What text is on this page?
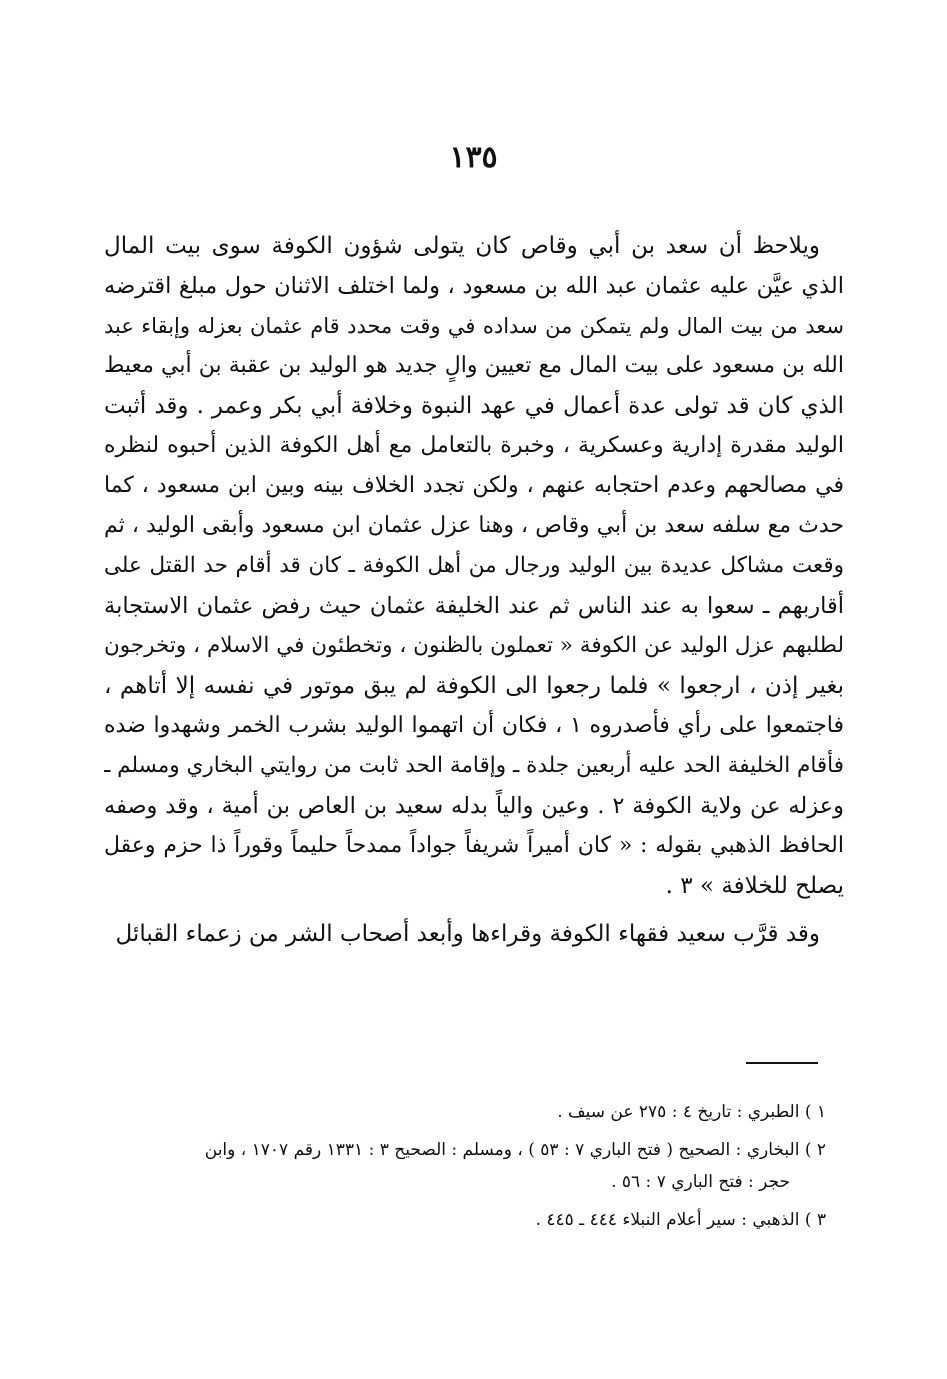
١٣٥
ويلاحظ أن سعد بن أبي وقاص كان يتولى شؤون الكوفة سوى بيت المال
الذي عيَّن عليه عثمان عبد الله بن مسعود ، ولما اختلف الاثنان حول مبلغ اقترضه
سعد من بيت المال ولم يتمكن من سداده في وقت محدد قام عثمان بعزله وإبقاء عبد
الله بن مسعود على بيت المال مع تعيين والٍ جديد هو الوليد بن عقبة بن أبي معيط
الذي كان قد تولى عدة أعمال في عهد النبوة وخلافة أبي بكر وعمر . وقد أثبت
الوليد مقدرة إدارية وعسكرية ، وخبرة بالتعامل مع أهل الكوفة الذين أحبوه لنظره
في مصالحهم وعدم احتجابه عنهم ، ولكن تجدد الخلاف بينه وبين ابن مسعود ، كما
حدث مع سلفه سعد بن أبي وقاص ، وهنا عزل عثمان ابن مسعود وأبقى الوليد ، ثم
وقعت مشاكل عديدة بين الوليد ورجال من أهل الكوفة ـ كان قد أقام حد القتل على
أقاربهم ـ سعوا به عند الناس ثم عند الخليفة عثمان حيث رفض عثمان الاستجابة
لطلبهم عزل الوليد عن الكوفة « تعملون بالظنون ، وتخطئون في الاسلام ، وتخرجون
بغير إذن ، ارجعوا » فلما رجعوا الى الكوفة لم يبق موتور في نفسه إلا أتاهم ،
فاجتمعوا على رأي فأصدروه ١ ، فكان أن اتهموا الوليد بشرب الخمر وشهدوا ضده
فأقام الخليفة الحد عليه أربعين جلدة ـ وإقامة الحد ثابت من روايتي البخاري ومسلم ـ
وعزله عن ولاية الكوفة ٢ . وعين والياً بدله سعيد بن العاص بن أمية ، وقد وصفه
الحافظ الذهبي بقوله : « كان أميراً شريفاً جواداً ممدحاً حليماً وقوراً ذا حزم وعقل
يصلح للخلافة » ٣ .
وقد قرَّب سعيد فقهاء الكوفة وقراءها وأبعد أصحاب الشر من زعماء القبائل
١ ) الطبري : تاريخ ٤ : ٢٧٥ عن سيف .
٢ ) البخاري : الصحيح ( فتح الباري ٧ : ٥٣ ) ، ومسلم : الصحيح ٣ : ١٣٣١ رقم ١٧٠٧ ، وابن
حجر : فتح الباري ٧ : ٥٦ .
٣ ) الذهبي : سير أعلام النبلاء ٤٤٤ ـ ٤٤٥ .
